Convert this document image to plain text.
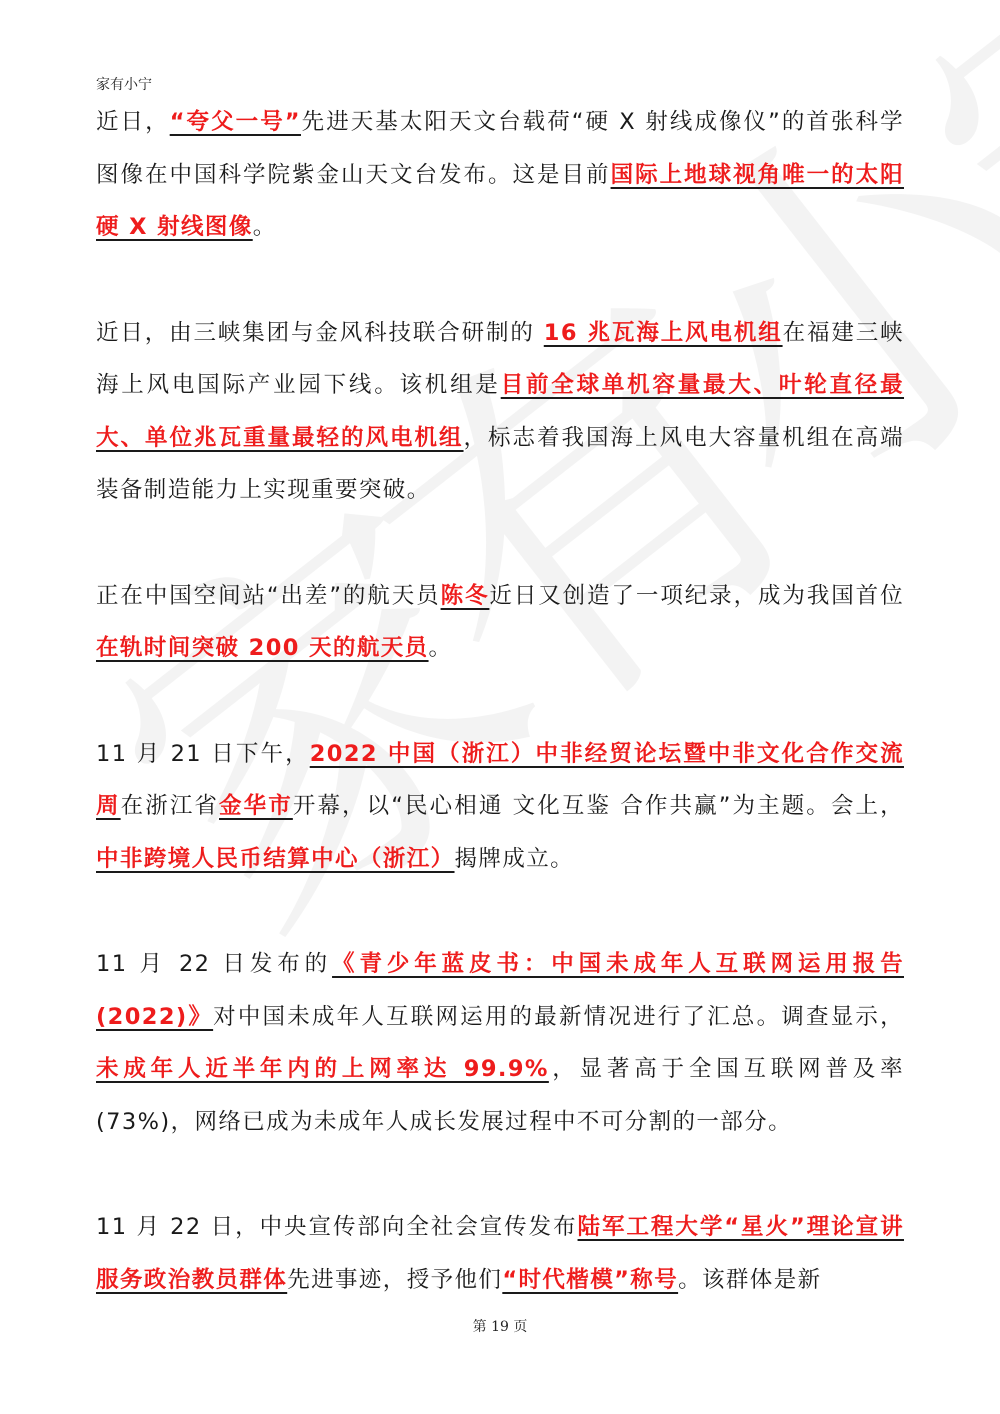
家有小宁

近日，“夸父一号”先进天基太阳天文台载荷“硬 X 射线成像仪”的首张科学图像在中国科学院紫金山天文台发布。这是目前国际上地球视角唯一的太阳硬 X 射线图像。

近日，由三峡集团与金风科技联合研制的 16 兆瓦海上风电机组在福建三峡海上风电国际产业园下线。该机组是目前全球单机容量最大、叶轮直径最大、单位兆瓦重量最轻的风电机组，标志着我国海上风电大容量机组在高端装备制造能力上实现重要突破。

正在中国空间站“出差”的航天员陈冬近日又创造了一项纪录，成为我国首位在轨时间突破 200 天的航天员。

11 月 21 日下午，2022 中国（浙江）中非经贸论坛暨中非文化合作交流周在浙江省金华市开幕，以“民心相通 文化互鉴 合作共赢”为主题。会上，中非跨境人民币结算中心（浙江）揭牌成立。

11 月 22 日发布的《青少年蓝皮书：中国未成年人互联网运用报告(2022)》对中国未成年人互联网运用的最新情况进行了汇总。调查显示，未成年人近半年内的上网率达 99.9%，显著高于全国互联网普及率(73%)，网络已成为未成年人成长发展过程中不可分割的一部分。

11 月 22 日，中央宣传部向全社会宣传发布陆军工程大学“星火”理论宣讲服务政治教员群体先进事迹，授予他们“时代楷模”称号。该群体是新

第 19 页
